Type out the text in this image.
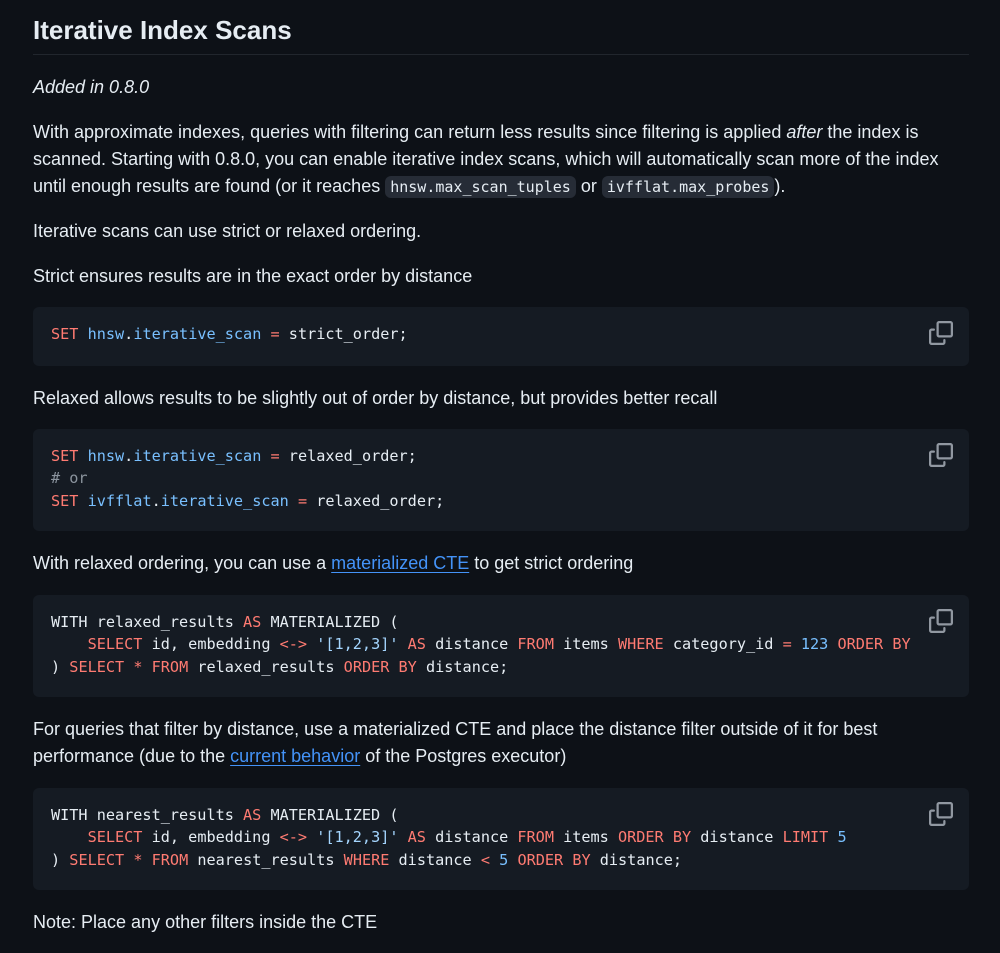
Iterative Index Scans

Added in 0.8.0

With approximate indexes, queries with filtering can return less results since filtering is applied after the index is scanned. Starting with 0.8.0, you can enable iterative index scans, which will automatically scan more of the index until enough results are found (or it reaches hnsw.max_scan_tuples or ivfflat.max_probes ).

Iterative scans can use strict or relaxed ordering.

Strict ensures results are in the exact order by distance

SET hnsw.iterative_scan = strict_order;

Relaxed allows results to be slightly out of order by distance, but provides better recall

SET hnsw.iterative_scan = relaxed_order;
# or
SET ivfflat.iterative_scan = relaxed_order;

With relaxed ordering, you can use a materialized CTE to get strict ordering

WITH relaxed_results AS MATERIALIZED (
SELECT id, embedding <-> '[1,2,3]' AS distance FROM items WHERE category_id = 123 ORDER BY
) SELECT * FROM relaxed_results ORDER BY distance;

For queries that filter by distance, use a materialized CTE and place the distance filter outside of it for best performance (due to the current behavior of the Postgres executor)

WITH nearest_results AS MATERIALIZED (
SELECT id, embedding <-> '[1,2,3]' AS distance FROM items ORDER BY distance LIMIT 5
) SELECT * FROM nearest_results WHERE distance < 5 ORDER BY distance;

Note: Place any other filters inside the CTE
